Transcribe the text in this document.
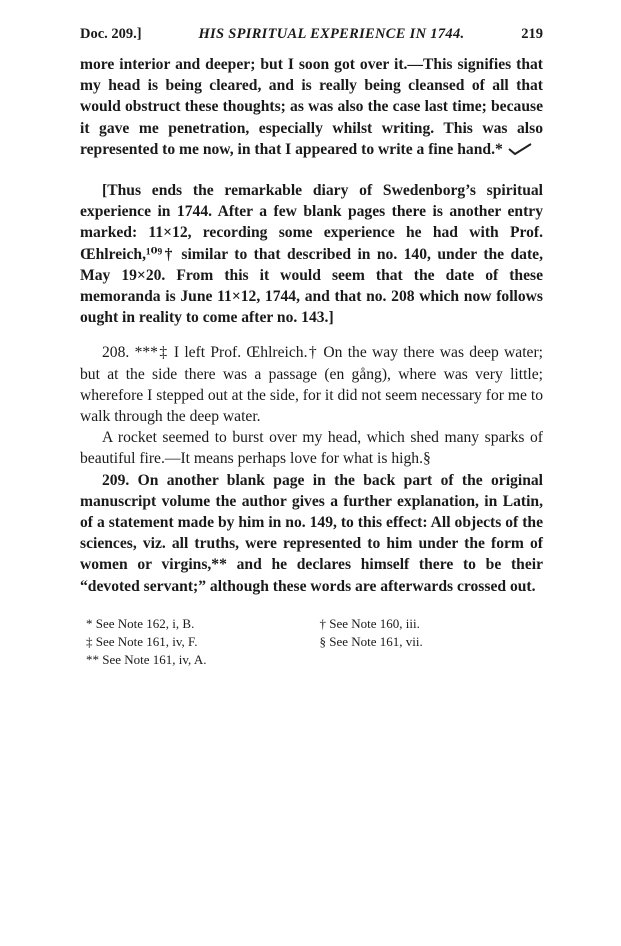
Doc. 209.]	HIS SPIRITUAL EXPERIENCE IN 1744.	219

more interior and deeper; but I soon got over it.—This signifies that my head is being cleared, and is really being cleansed of all that would obstruct these thoughts; as was also the case last time; because it gave me penetration, especially whilst writing. This was also represented to me now, in that I appeared to write a fine hand.*

[Thus ends the remarkable diary of Swedenborg’s spiritual experience in 1744. After a few blank pages there is another entry marked: 11×12, recording some experience he had with Prof. Œhlreich,¹⁰⁹† similar to that described in no. 140, under the date, May 19×20. From this it would seem that the date of these memoranda is June 11×12, 1744, and that no. 208 which now follows ought in reality to come after no. 143.]

208. ***‡ I left Prof. Œhlreich.† On the way there was deep water; but at the side there was a passage (en gång), where was very little; wherefore I stepped out at the side, for it did not seem necessary for me to walk through the deep water.

A rocket seemed to burst over my head, which shed many sparks of beautiful fire.—It means perhaps love for what is high.§

209. On another blank page in the back part of the original manuscript volume the author gives a further explanation, in Latin, of a statement made by him in no. 149, to this effect: All objects of the sciences, viz. all truths, were represented to him under the form of women or virgins,** and he declares himself there to be their “devoted servant;” although these words are afterwards crossed out.

* See Note 162, i, B.	† See Note 160, iii.
‡ See Note 161, iv, F.	§ See Note 161, vii.
** See Note 161, iv, A.
